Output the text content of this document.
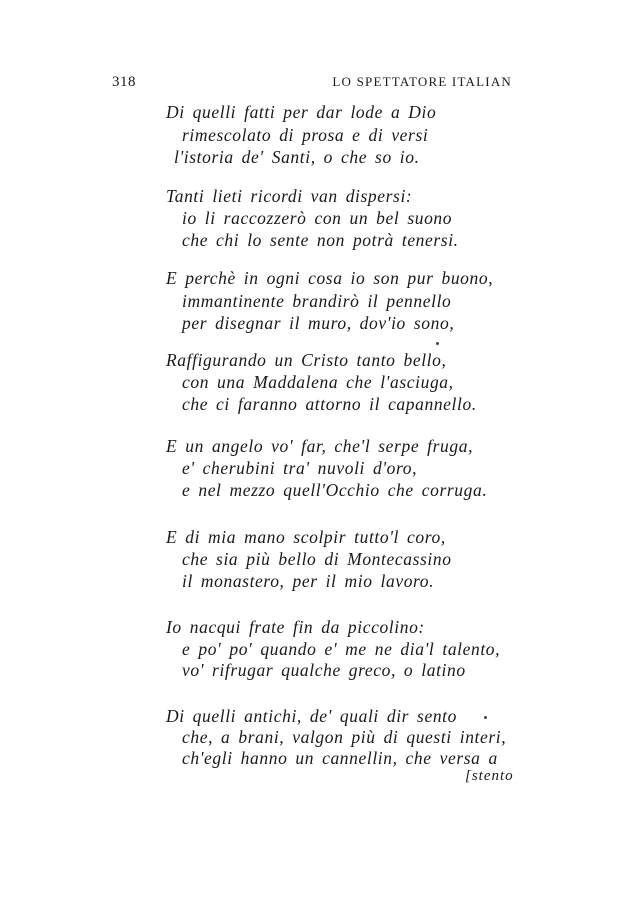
318	LO SPETTATORE ITALIAN
Di quelli fatti per dar lode a Dio
rimescolato di prosa e di versi
l'istoria de' Santi, o che so io.
Tanti lieti ricordi van dispersi:
io li raccozzerò con un bel suono
che chi lo sente non potrà tenersi.
E perchè in ogni cosa io son pur buono,
immantinente brandirò il pennello
per disegnar il muro, dov'io sono,
Raffigurando un Cristo tanto bello,
con una Maddalena che l'asciuga,
che ci faranno attorno il capannello.
E un angelo vo' far, che'l serpe fruga,
e' cherubini tra' nuvoli d'oro,
e nel mezzo quell'Occhio che corruga.
E di mia mano scolpir tutto'l coro,
che sia più bello di Montecassino
il monastero, per il mio lavoro.
Io nacqui frate fin da piccolino:
e po' po' quando e' me ne dia'l talento,
vo' rifrugar qualche greco, o latino
Di quelli antichi, de' quali dir sento
che, a brani, valgon più di questi interi,
ch'egli hanno un cannellin, che versa a
[stento
